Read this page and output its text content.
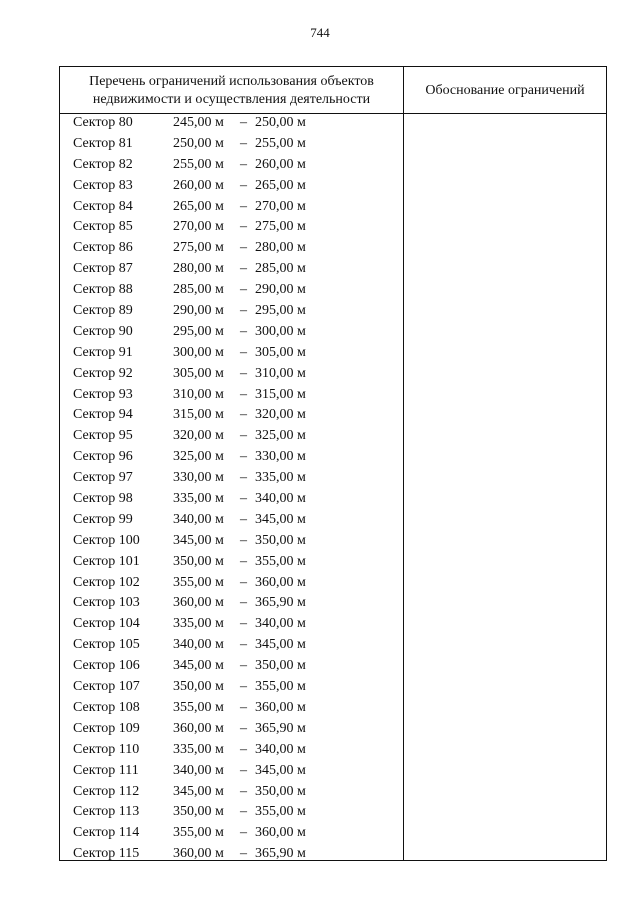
744
Перечень ограничений использования объектов недвижимости и осуществления деятельности
Обоснование ограничений
Сектор 80	245,00 м – 250,00 м
Сектор 81	250,00 м – 255,00 м
Сектор 82	255,00 м – 260,00 м
Сектор 83	260,00 м – 265,00 м
Сектор 84	265,00 м – 270,00 м
Сектор 85	270,00 м – 275,00 м
Сектор 86	275,00 м – 280,00 м
Сектор 87	280,00 м – 285,00 м
Сектор 88	285,00 м – 290,00 м
Сектор 89	290,00 м – 295,00 м
Сектор 90	295,00 м – 300,00 м
Сектор 91	300,00 м – 305,00 м
Сектор 92	305,00 м – 310,00 м
Сектор 93	310,00 м – 315,00 м
Сектор 94	315,00 м – 320,00 м
Сектор 95	320,00 м – 325,00 м
Сектор 96	325,00 м – 330,00 м
Сектор 97	330,00 м – 335,00 м
Сектор 98	335,00 м – 340,00 м
Сектор 99	340,00 м – 345,00 м
Сектор 100 345,00 м – 350,00 м
Сектор 101 350,00 м – 355,00 м
Сектор 102 355,00 м – 360,00 м
Сектор 103 360,00 м – 365,90 м
Сектор 104 335,00 м – 340,00 м
Сектор 105 340,00 м – 345,00 м
Сектор 106 345,00 м – 350,00 м
Сектор 107 350,00 м – 355,00 м
Сектор 108 355,00 м – 360,00 м
Сектор 109 360,00 м – 365,90 м
Сектор 110 335,00 м – 340,00 м
Сектор 111 340,00 м – 345,00 м
Сектор 112 345,00 м – 350,00 м
Сектор 113 350,00 м – 355,00 м
Сектор 114 355,00 м – 360,00 м
Сектор 115 360,00 м – 365,90 м
